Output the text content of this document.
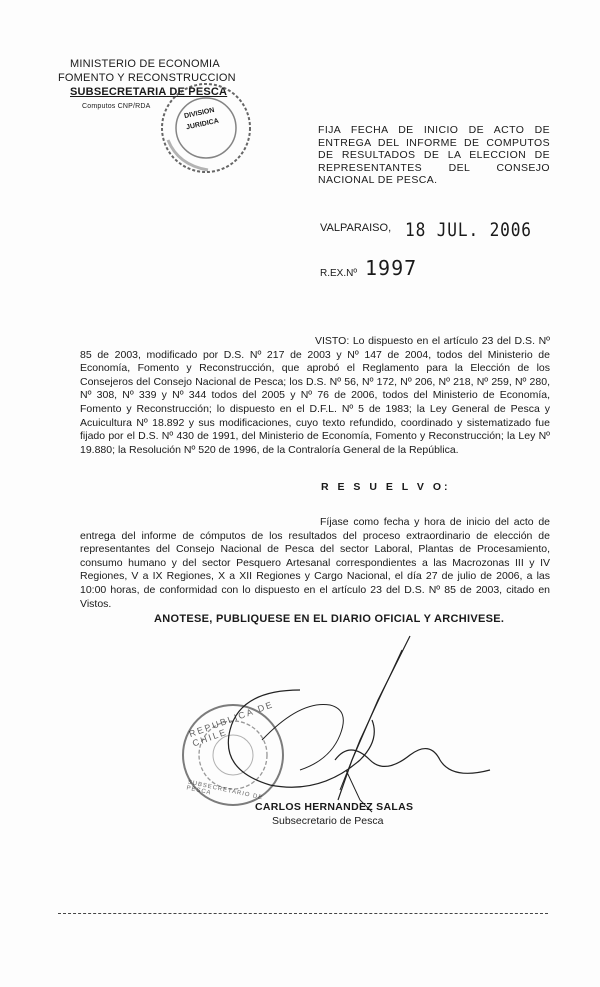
MINISTERIO DE ECONOMIA
FOMENTO Y RECONSTRUCCION
SUBSECRETARIA DE PESCA
Computos CNP/RDA
DIVISION
JURIDICA	FIJA FECHA DE INICIO DE ACTO DE ENTREGA DEL INFORME DE COMPUTOS DE RESULTADOS DE LA ELECCION DE REPRESENTANTES DEL CONSEJO NACIONAL DE PESCA.
VALPARAISO, 18 JUL. 2006
R.EX.Nº 1997
VISTO: Lo dispuesto en el artículo 23 del D.S. Nº 85 de 2003, modificado por D.S. Nº 217 de 2003 y Nº 147 de 2004, todos del Ministerio de Economía, Fomento y Reconstrucción, que aprobó el Reglamento para la Elección de los Consejeros del Consejo Nacional de Pesca; los D.S. Nº 56, Nº 172, Nº 206, Nº 218, Nº 259, Nº 280, Nº 308, Nº 339 y Nº 344 todos del 2005 y Nº 76 de 2006, todos del Ministerio de Economía, Fomento y Reconstrucción; lo dispuesto en el D.F.L. Nº 5 de 1983; la Ley General de Pesca y Acuicultura Nº 18.892 y sus modificaciones, cuyo texto refundido, coordinado y sistematizado fue fijado por el D.S. Nº 430 de 1991, del Ministerio de Economía, Fomento y Reconstrucción; la Ley Nº 19.880; la Resolución Nº 520 de 1996, de la Contraloría General de la República.
R E S U E L V O:
Fíjase como fecha y hora de inicio del acto de entrega del informe de cómputos de los resultados del proceso extraordinario de elección de representantes del Consejo Nacional de Pesca del sector Laboral, Plantas de Procesamiento, consumo humano y del sector Pesquero Artesanal correspondientes a las Macrozonas III y IV Regiones, V a IX Regiones, X a XII Regiones y Cargo Nacional, el día 27 de julio de 2006, a las 10:00 horas, de conformidad con lo dispuesto en el artículo 23 del D.S. Nº 85 de 2003, citado en Vistos.
ANOTESE, PUBLIQUESE EN EL DIARIO OFICIAL Y ARCHIVESE.
REPUBLICA DE CHILE
SUBSECRETARIO DE PESCA
CARLOS HERNANDEZ SALAS
Subsecretario de Pesca
